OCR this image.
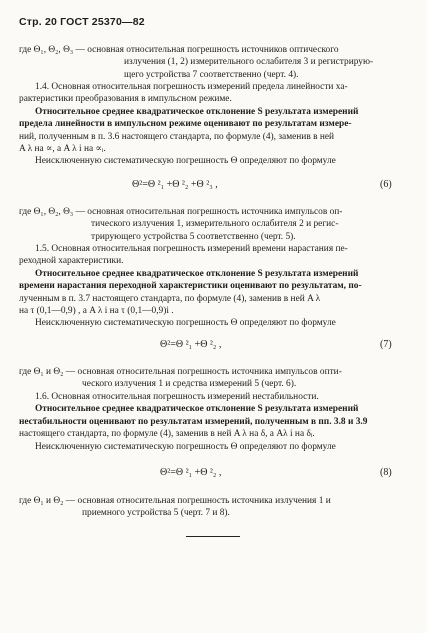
Стр. 20 ГОСТ 25370—82
где Θ₁, Θ₂, Θ₃ — основная относительная погрешность источников оптического
излучения (1, 2) измерительного ослабителя 3 и регистрирую-
щего устройства 7 соответственно (черт. 4).
1.4. Основная относительная погрешность измерений предела линейности ха-
рактеристики преобразования в импульсном режиме.
Относительное среднее квадратическое отклонение S результата измерений
предела линейности в импульсном режиме оценивают по результатам измере-
ний, полученным в п. 3.6 настоящего стандарта, по формуле (4), заменив в ней
A λ на ∝, а A λ i на ∝ᵢ.
Неисключенную систематическую погрешность Θ определяют по формуле
Θ²=Θ ²₁ +Θ ²₂ +Θ ²₃ ,	(6)
где Θ₁, Θ₂, Θ₃ — основная относительная погрешность источника импульсов оп-
тического излучения 1, измерительного ослабителя 2 и регис-
трирующего устройства 5 соответственно (черт. 5).
1.5. Основная относительная погрешность измерений времени нарастания пе-
реходной характеристики.
Относительное среднее квадратическое отклонение S результата измерений
времени нарастания переходной характеристики оценивают по результатам, по-
лученным в п. 3.7 настоящего стандарта, по формуле (4), заменив в ней A λ
на τ (0,1—0,9) , а A λ i на τ (0,1—0,9)i .
Неисключенную систематическую погрешность Θ определяют по формуле
Θ²=Θ ²₁ +Θ ²₂ ,	(7)
где Θ₁ и Θ₂ — основная относительная погрешность источника импульсов опти-
ческого излучения 1 и средства измерений 5 (черт. 6).
1.6. Основная относительная погрешность измерений нестабильности.
Относительное среднее квадратическое отклонение S результата измерений
нестабильности оценивают по результатам измерений, полученным в пп. 3.8 и 3.9
настоящего стандарта, по формуле (4), заменив в ней A λ на δ, а Aλ i на δᵢ.
Неисключенную систематическую погрешность Θ определяют по формуле
Θ²=Θ ²₁ +Θ ²₂ ,	(8)
где Θ₁ и Θ₂ — основная относительная погрешность источника излучения 1 и
приемного устройства 5 (черт. 7 и 8).
